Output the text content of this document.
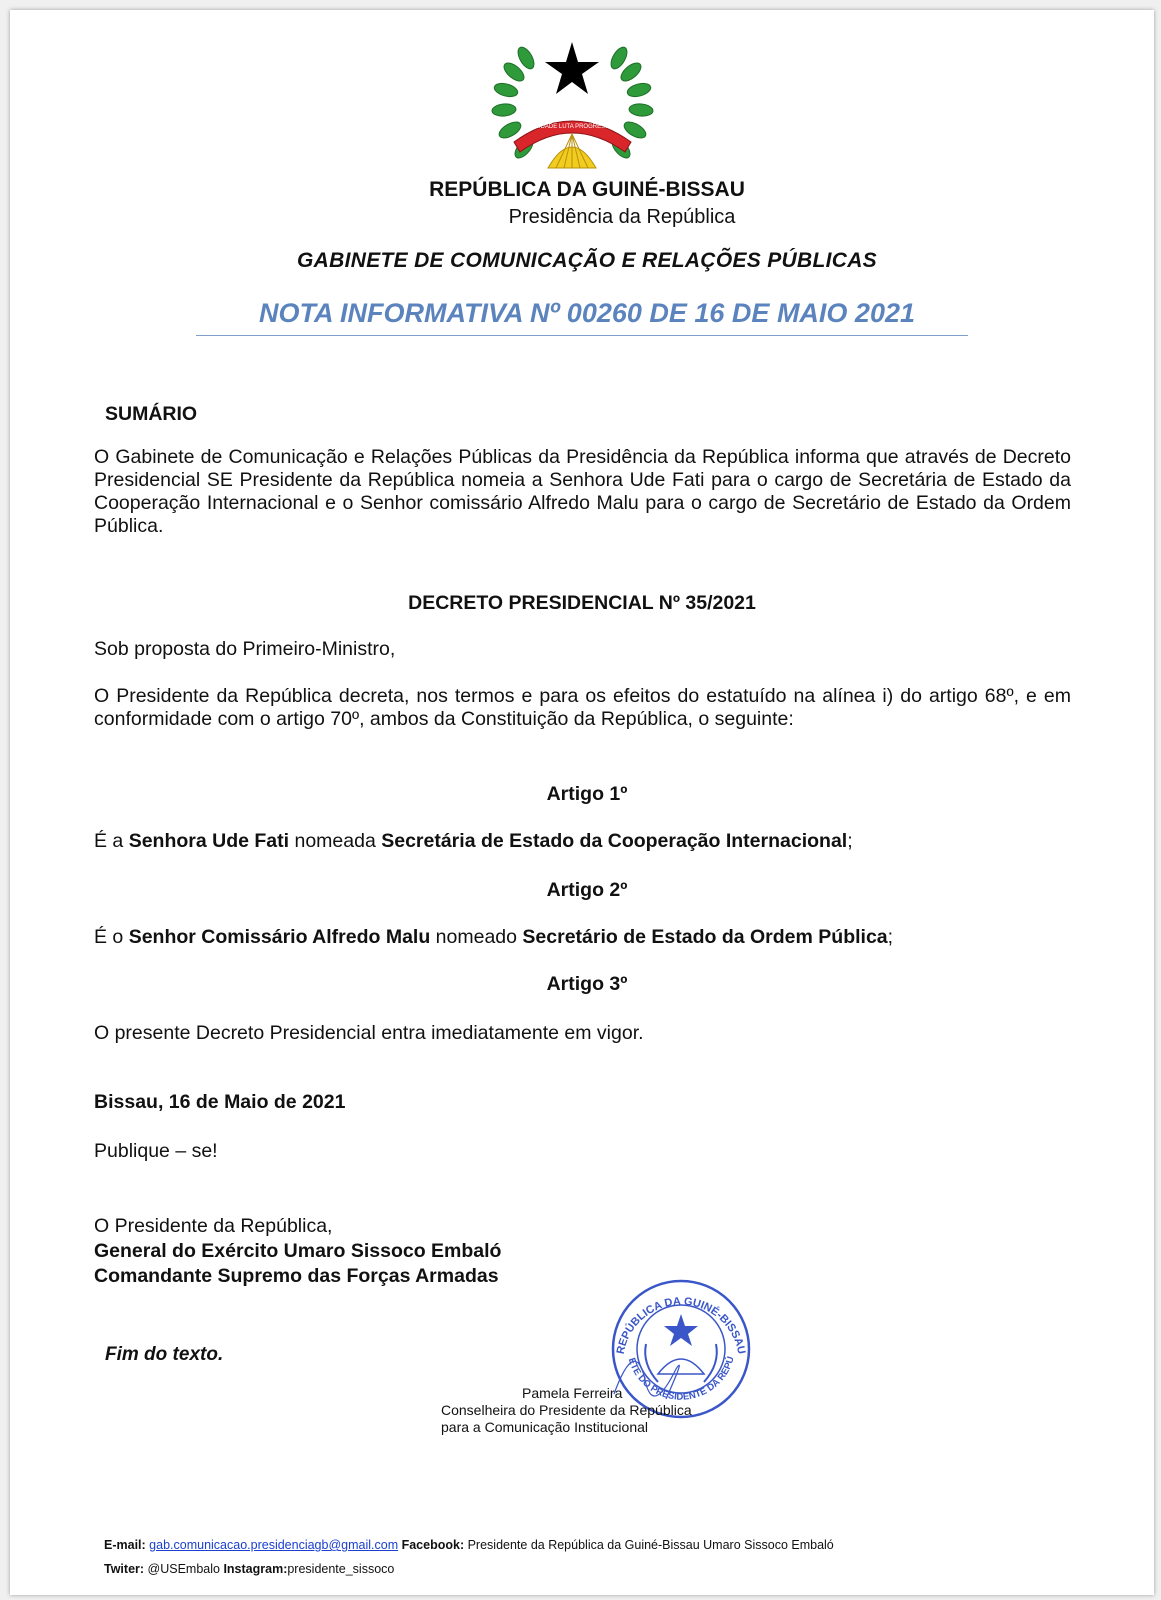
UNIDADE LUTA PROGRESSO
REPÚBLICA DA GUINÉ-BISSAU
Presidência da República
GABINETE DE COMUNICAÇÃO E RELAÇÕES PÚBLICAS
NOTA INFORMATIVA Nº 00260 DE 16 DE MAIO 2021
SUMÁRIO
O Gabinete de Comunicação e Relações Públicas da Presidência da República informa que através de Decreto Presidencial SE Presidente da República nomeia a Senhora Ude Fati para o cargo de Secretária de Estado da Cooperação Internacional e o Senhor comissário Alfredo Malu para o cargo de Secretário de Estado da Ordem Pública.
DECRETO PRESIDENCIAL Nº 35/2021
Sob proposta do Primeiro-Ministro,
O Presidente da República decreta, nos termos e para os efeitos do estatuído na alínea i) do artigo 68º, e em conformidade com o artigo 70º, ambos da Constituição da República, o seguinte:
Artigo 1º
É a Senhora Ude Fati nomeada Secretária de Estado da Cooperação Internacional;
Artigo 2º
É o Senhor Comissário Alfredo Malu nomeado Secretário de Estado da Ordem Pública;
Artigo 3º
O presente Decreto Presidencial entra imediatamente em vigor.
Bissau, 16 de Maio de 2021
Publique – se!
O Presidente da República,
General do Exército Umaro Sissoco Embaló
Comandante Supremo das Forças Armadas
Fim do texto.	REPÚBLICA DA GUINÉ-BISSAU
ETE DO PRESIDENTE DA REPÚ
Pamela Ferreira
Conselheira do Presidente da República
para a Comunicação Institucional
E-mail: gab.comunicacao.presidenciagb@gmail.com Facebook: Presidente da República da Guiné-Bissau Umaro Sissoco Embaló
Twiter: @USEmbalo Instagram:presidente_sissoco
